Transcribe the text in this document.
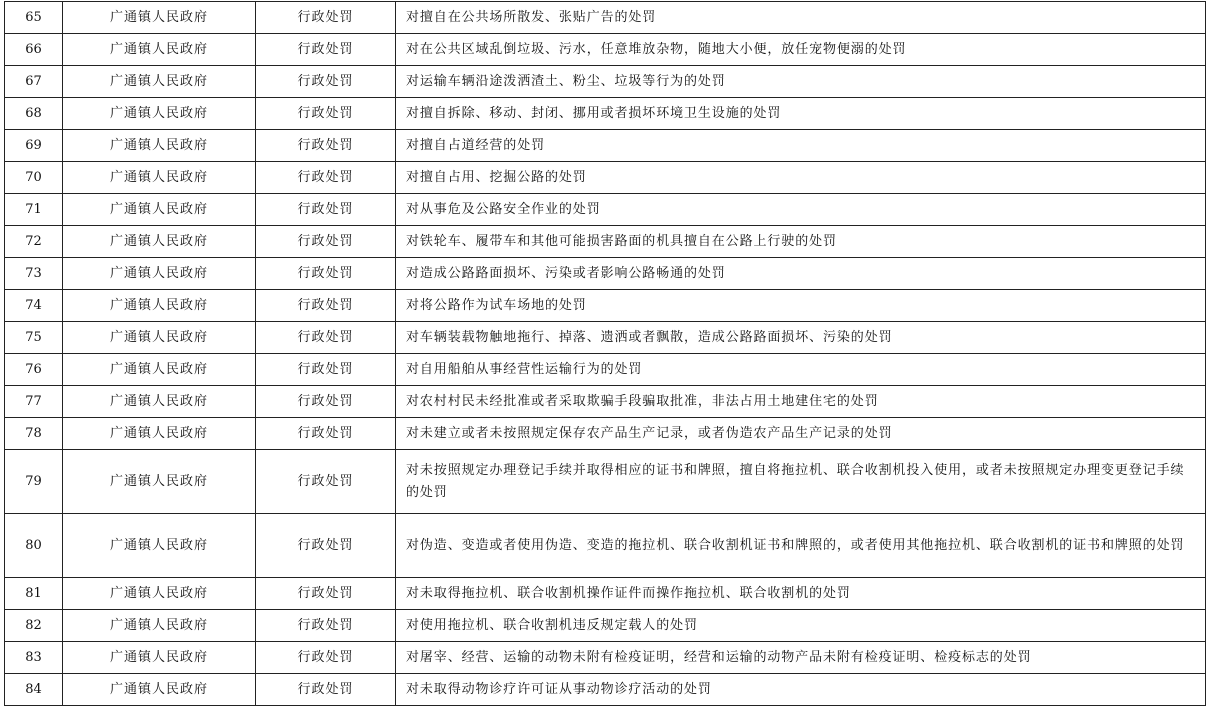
65	广通镇人民政府	行政处罚	对擅自在公共场所散发、张贴广告的处罚
66	广通镇人民政府	行政处罚	对在公共区域乱倒垃圾、污水，任意堆放杂物，随地大小便，放任宠物便溺的处罚
67	广通镇人民政府	行政处罚	对运输车辆沿途泼洒渣土、粉尘、垃圾等行为的处罚
68	广通镇人民政府	行政处罚	对擅自拆除、移动、封闭、挪用或者损坏环境卫生设施的处罚
69	广通镇人民政府	行政处罚	对擅自占道经营的处罚
70	广通镇人民政府	行政处罚	对擅自占用、挖掘公路的处罚
71	广通镇人民政府	行政处罚	对从事危及公路安全作业的处罚
72	广通镇人民政府	行政处罚	对铁轮车、履带车和其他可能损害路面的机具擅自在公路上行驶的处罚
73	广通镇人民政府	行政处罚	对造成公路路面损坏、污染或者影响公路畅通的处罚
74	广通镇人民政府	行政处罚	对将公路作为试车场地的处罚
75	广通镇人民政府	行政处罚	对车辆装载物触地拖行、掉落、遗洒或者飘散，造成公路路面损坏、污染的处罚
76	广通镇人民政府	行政处罚	对自用船舶从事经营性运输行为的处罚
77	广通镇人民政府	行政处罚	对农村村民未经批准或者采取欺骗手段骗取批准，非法占用土地建住宅的处罚
78	广通镇人民政府	行政处罚	对未建立或者未按照规定保存农产品生产记录，或者伪造农产品生产记录的处罚
79	广通镇人民政府	行政处罚	对未按照规定办理登记手续并取得相应的证书和牌照，擅自将拖拉机、联合收割机投入使用，或者未按照规定办理变更登记手续的处罚
80	广通镇人民政府	行政处罚	对伪造、变造或者使用伪造、变造的拖拉机、联合收割机证书和牌照的，或者使用其他拖拉机、联合收割机的证书和牌照的处罚
81	广通镇人民政府	行政处罚	对未取得拖拉机、联合收割机操作证件而操作拖拉机、联合收割机的处罚
82	广通镇人民政府	行政处罚	对使用拖拉机、联合收割机违反规定载人的处罚
83	广通镇人民政府	行政处罚	对屠宰、经营、运输的动物未附有检疫证明，经营和运输的动物产品未附有检疫证明、检疫标志的处罚
84	广通镇人民政府	行政处罚	对未取得动物诊疗许可证从事动物诊疗活动的处罚
